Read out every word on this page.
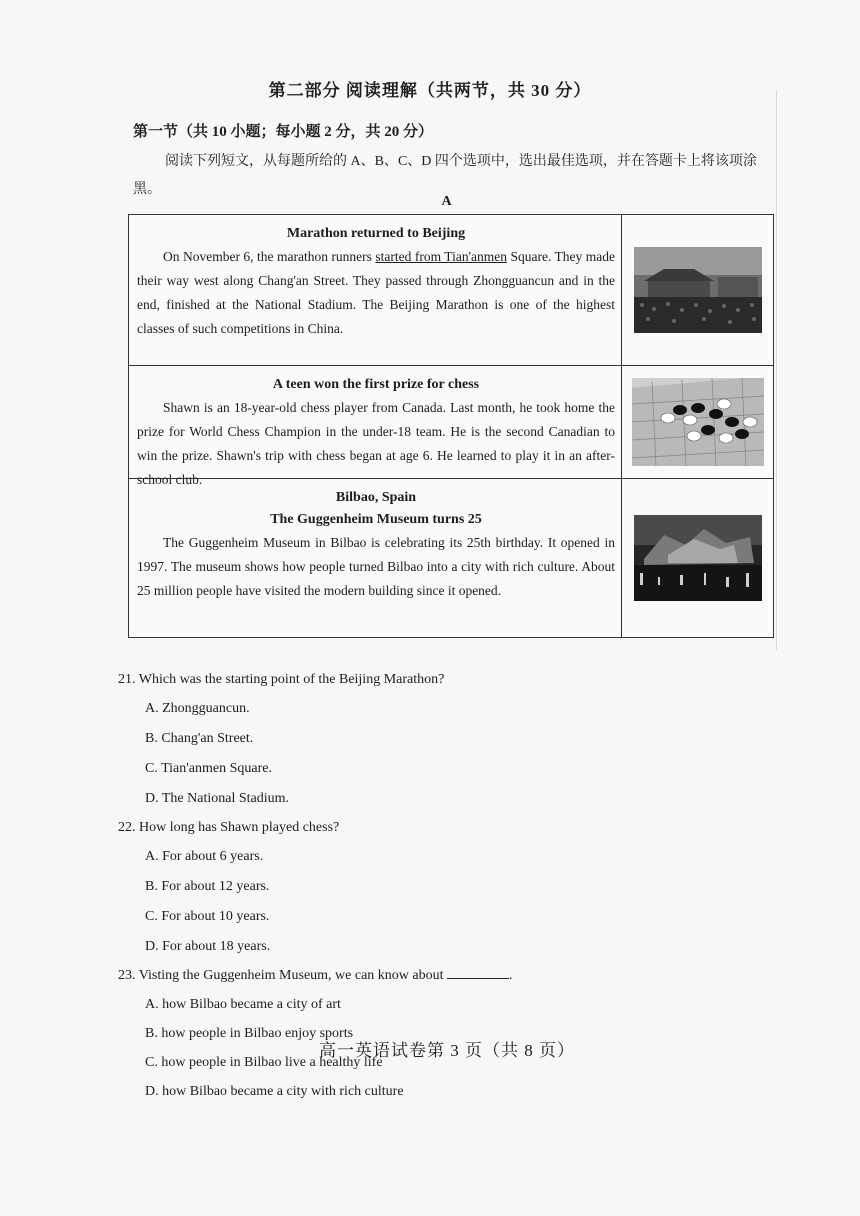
第二部分 阅读理解（共两节，共 30 分）
第一节（共 10 小题；每小题 2 分，共 20 分）
阅读下列短文，从每题所给的 A、B、C、D 四个选项中，选出最佳选项，并在答题卡上将该项涂黑。
A
Marathon returned to Beijing
On November 6, the marathon runners started from Tian'anmen Square. They made their way west along Chang'an Street. They passed through Zhongguancun and in the end, finished at the National Stadium. The Beijing Marathon is one of the highest classes of such competitions in China.
A teen won the first prize for chess
Shawn is an 18-year-old chess player from Canada. Last month, he took home the prize for World Chess Champion in the under-18 team. He is the second Canadian to win the prize. Shawn's trip with chess began at age 6. He learned to play it in an after-school club.
Bilbao, Spain
The Guggenheim Museum turns 25
The Guggenheim Museum in Bilbao is celebrating its 25th birthday. It opened in 1997. The museum shows how people turned Bilbao into a city with rich culture. About 25 million people have visited the modern building since it opened.

21. Which was the starting point of the Beijing Marathon?

A. Zhongguancun.
B. Chang'an Street.
C. Tian'anmen Square.
D. The National Stadium.

22. How long has Shawn played chess?

A. For about 6 years.
B. For about 12 years.
C. For about 10 years.
D. For about 18 years.

23. Visting the Guggenheim Museum, we can know about	.

A. how Bilbao became a city of art
B. how people in Bilbao enjoy sports
C. how people in Bilbao live a healthy life
D. how Bilbao became a city with rich culture
高一英语试卷第 3 页（共 8 页）
